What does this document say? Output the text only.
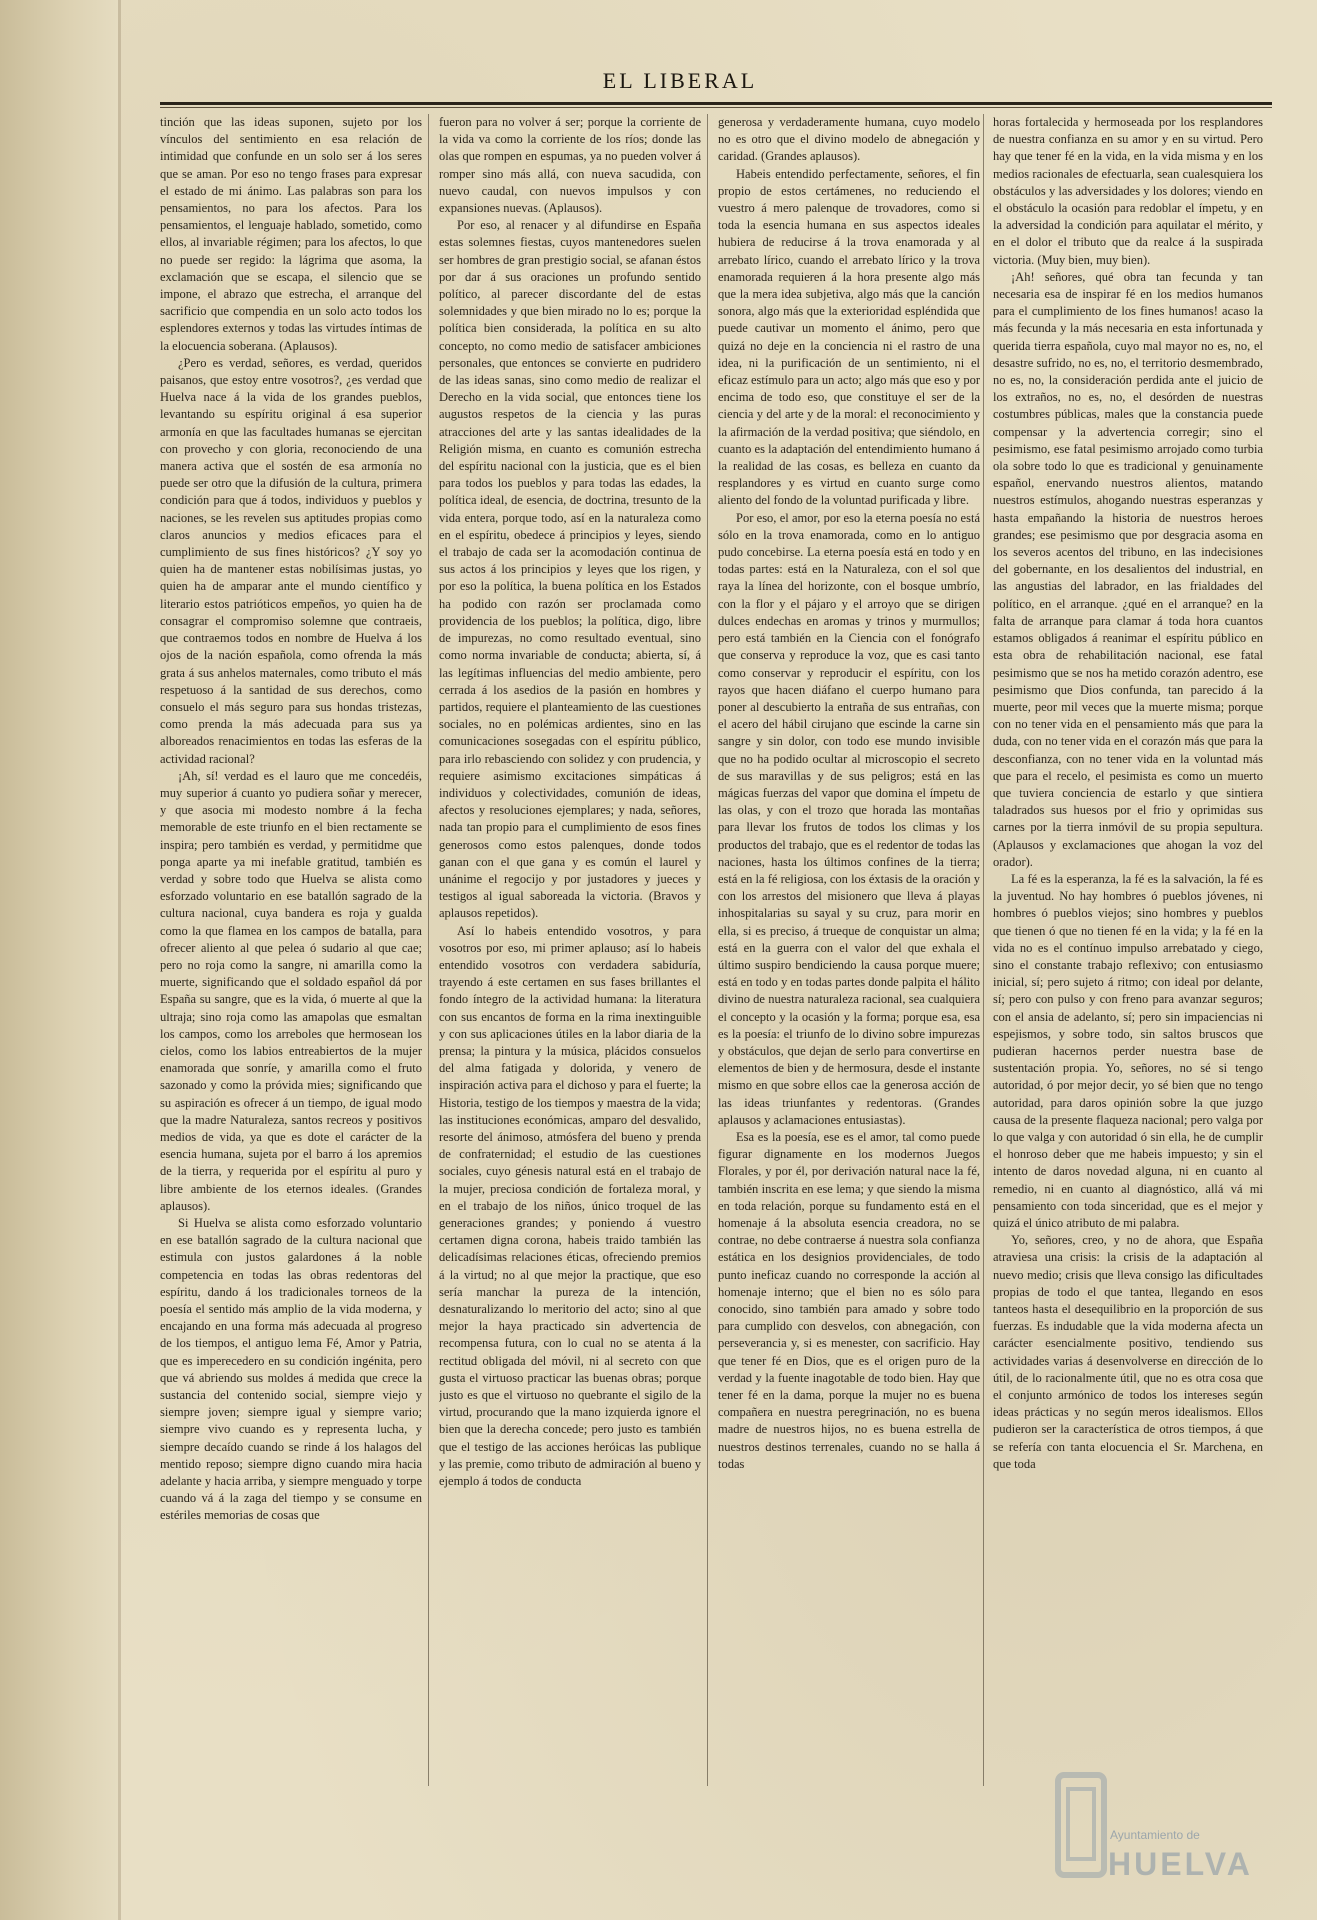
EL LIBERAL

tinción que las ideas suponen, sujeto por los vínculos del sentimiento en esa relación de intimidad que confunde en un solo ser á los seres que se aman. Por eso no tengo frases para expresar el estado de mi ánimo. Las palabras son para los pensamientos, no para los afectos. Para los pensamientos, el lenguaje hablado, sometido, como ellos, al invariable régimen; para los afectos, lo que no puede ser regido: la lágrima que asoma, la exclamación que se escapa, el silencio que se impone, el abrazo que estrecha, el arranque del sacrificio que compendia en un solo acto todos los esplendores externos y todas las virtudes íntimas de la elocuencia soberana. (Aplausos).

¿Pero es verdad, señores, es verdad, queridos paisanos, que estoy entre vosotros?, ¿es verdad que Huelva nace á la vida de los grandes pueblos, levantando su espíritu original á esa superior armonía en que las facultades humanas se ejercitan con provecho y con gloria, reconociendo de una manera activa que el sostén de esa armonía no puede ser otro que la difusión de la cultura, primera condición para que á todos, individuos y pueblos y naciones, se les revelen sus aptitudes propias como claros anuncios y medios eficaces para el cumplimiento de sus fines históricos? ¿Y soy yo quien ha de mantener estas nobilísimas justas, yo quien ha de amparar ante el mundo científico y literario estos patrióticos empeños, yo quien ha de consagrar el compromiso solemne que contraeis, que contraemos todos en nombre de Huelva á los ojos de la nación española, como ofrenda la más grata á sus anhelos maternales, como tributo el más respetuoso á la santidad de sus derechos, como consuelo el más seguro para sus hondas tristezas, como prenda la más adecuada para sus ya alboreados renacimientos en todas las esferas de la actividad racional?

¡Ah, sí! verdad es el lauro que me concedéis, muy superior á cuanto yo pudiera soñar y merecer, y que asocia mi modesto nombre á la fecha memorable de este triunfo en el bien rectamente se inspira; pero también es verdad, y permitidme que ponga aparte ya mi inefable gratitud, también es verdad y sobre todo que Huelva se alista como esforzado voluntario en ese batallón sagrado de la cultura nacional, cuya bandera es roja y gualda como la que flamea en los campos de batalla, para ofrecer aliento al que pelea ó sudario al que cae; pero no roja como la sangre, ni amarilla como la muerte, significando que el soldado español dá por España su sangre, que es la vida, ó muerte al que la ultraja; sino roja como las amapolas que esmaltan los campos, como los arreboles que hermosean los cielos, como los labios entreabiertos de la mujer enamorada que sonríe, y amarilla como el fruto sazonado y como la próvida mies; significando que su aspiración es ofrecer á un tiempo, de igual modo que la madre Naturaleza, santos recreos y positivos medios de vida, ya que es dote el carácter de la esencia humana, sujeta por el barro á los apremios de la tierra, y requerida por el espíritu al puro y libre ambiente de los eternos ideales. (Grandes aplausos).

Si Huelva se alista como esforzado voluntario en ese batallón sagrado de la cultura nacional que estimula con justos galardones á la noble competencia en todas las obras redentoras del espíritu, dando á los tradicionales torneos de la poesía el sentido más amplio de la vida moderna, y encajando en una forma más adecuada al progreso de los tiempos, el antiguo lema Fé, Amor y Patria, que es imperecedero en su condición ingénita, pero que vá abriendo sus moldes á medida que crece la sustancia del contenido social, siempre viejo y siempre joven; siempre igual y siempre vario; siempre vivo cuando es y representa lucha, y siempre decaído cuando se rinde á los halagos del mentido reposo; siempre digno cuando mira hacia adelante y hacia arriba, y siempre menguado y torpe cuando vá á la zaga del tiempo y se consume en estériles memorias de cosas que

fueron para no volver á ser; porque la corriente de la vida va como la corriente de los ríos; donde las olas que rompen en espumas, ya no pueden volver á romper sino más allá, con nueva sacudida, con nuevo caudal, con nuevos impulsos y con expansiones nuevas. (Aplausos).

Por eso, al renacer y al difundirse en España estas solemnes fiestas, cuyos mantenedores suelen ser hombres de gran prestigio social, se afanan éstos por dar á sus oraciones un profundo sentido político, al parecer discordante del de estas solemnidades y que bien mirado no lo es; porque la política bien considerada, la política en su alto concepto, no como medio de satisfacer ambiciones personales, que entonces se convierte en pudridero de las ideas sanas, sino como medio de realizar el Derecho en la vida social, que entonces tiene los augustos respetos de la ciencia y las puras atracciones del arte y las santas idealidades de la Religión misma, en cuanto es comunión estrecha del espíritu nacional con la justicia, que es el bien para todos los pueblos y para todas las edades, la política ideal, de esencia, de doctrina, tresunto de la vida entera, porque todo, así en la naturaleza como en el espíritu, obedece á principios y leyes, siendo el trabajo de cada ser la acomodación continua de sus actos á los principios y leyes que los rigen, y por eso la política, la buena política en los Estados ha podido con razón ser proclamada como providencia de los pueblos; la política, digo, libre de impurezas, no como resultado eventual, sino como norma invariable de conducta; abierta, sí, á las legítimas influencias del medio ambiente, pero cerrada á los asedios de la pasión en hombres y partidos, requiere el planteamiento de las cuestiones sociales, no en polémicas ardientes, sino en las comunicaciones sosegadas con el espíritu público, para irlo rebasciendo con solidez y con prudencia, y requiere asimismo excitaciones simpáticas á individuos y colectividades, comunión de ideas, afectos y resoluciones ejemplares; y nada, señores, nada tan propio para el cumplimiento de esos fines generosos como estos palenques, donde todos ganan con el que gana y es común el laurel y unánime el regocijo y por justadores y jueces y testigos al igual saboreada la victoria. (Bravos y aplausos repetidos).

Así lo habeis entendido vosotros, y para vosotros por eso, mi primer aplauso; así lo habeis entendido vosotros con verdadera sabiduría, trayendo á este certamen en sus fases brillantes el fondo íntegro de la actividad humana: la literatura con sus encantos de forma en la rima inextinguible y con sus aplicaciones útiles en la labor diaria de la prensa; la pintura y la música, plácidos consuelos del alma fatigada y dolorida, y venero de inspiración activa para el dichoso y para el fuerte; la Historia, testigo de los tiempos y maestra de la vida; las instituciones económicas, amparo del desvalido, resorte del ánimoso, atmósfera del bueno y prenda de confraternidad; el estudio de las cuestiones sociales, cuyo génesis natural está en el trabajo de la mujer, preciosa condición de fortaleza moral, y en el trabajo de los niños, único troquel de las generaciones grandes; y poniendo á vuestro certamen digna corona, habeis traido también las delicadísimas relaciones éticas, ofreciendo premios á la virtud; no al que mejor la practique, que eso sería manchar la pureza de la intención, desnaturalizando lo meritorio del acto; sino al que mejor la haya practicado sin advertencia de recompensa futura, con lo cual no se atenta á la rectitud obligada del móvil, ni al secreto con que gusta el virtuoso practicar las buenas obras; porque justo es que el virtuoso no quebrante el sigilo de la virtud, procurando que la mano izquierda ignore el bien que la derecha concede; pero justo es también que el testigo de las acciones heróicas las publique y las premie, como tributo de admiración al bueno y ejemplo á todos de conducta

generosa y verdaderamente humana, cuyo modelo no es otro que el divino modelo de abnegación y caridad. (Grandes aplausos).

Habeis entendido perfectamente, señores, el fin propio de estos certámenes, no reduciendo el vuestro á mero palenque de trovadores, como si toda la esencia humana en sus aspectos ideales hubiera de reducirse á la trova enamorada y al arrebato lírico, cuando el arrebato lírico y la trova enamorada requieren á la hora presente algo más que la mera idea subjetiva, algo más que la canción sonora, algo más que la exterioridad espléndida que puede cautivar un momento el ánimo, pero que quizá no deje en la conciencia ni el rastro de una idea, ni la purificación de un sentimiento, ni el eficaz estímulo para un acto; algo más que eso y por encima de todo eso, que constituye el ser de la ciencia y del arte y de la moral: el reconocimiento y la afirmación de la verdad positiva; que siéndolo, en cuanto es la adaptación del entendimiento humano á la realidad de las cosas, es belleza en cuanto da resplandores y es virtud en cuanto surge como aliento del fondo de la voluntad purificada y libre.

Por eso, el amor, por eso la eterna poesía no está sólo en la trova enamorada, como en lo antiguo pudo concebirse. La eterna poesía está en todo y en todas partes: está en la Naturaleza, con el sol que raya la línea del horizonte, con el bosque umbrío, con la flor y el pájaro y el arroyo que se dirigen dulces endechas en aromas y trinos y murmullos; pero está también en la Ciencia con el fonógrafo que conserva y reproduce la voz, que es casi tanto como conservar y reproducir el espíritu, con los rayos que hacen diáfano el cuerpo humano para poner al descubierto la entraña de sus entrañas, con el acero del hábil cirujano que escinde la carne sin sangre y sin dolor, con todo ese mundo invisible que no ha podido ocultar al microscopio el secreto de sus maravillas y de sus peligros; está en las mágicas fuerzas del vapor que domina el ímpetu de las olas, y con el trozo que horada las montañas para llevar los frutos de todos los climas y los productos del trabajo, que es el redentor de todas las naciones, hasta los últimos confines de la tierra; está en la fé religiosa, con los éxtasis de la oración y con los arrestos del misionero que lleva á playas inhospitalarias su sayal y su cruz, para morir en ella, si es preciso, á trueque de conquistar un alma; está en la guerra con el valor del que exhala el último suspiro bendiciendo la causa porque muere; está en todo y en todas partes donde palpita el hálito divino de nuestra naturaleza racional, sea cualquiera el concepto y la ocasión y la forma; porque esa, esa es la poesía: el triunfo de lo divino sobre impurezas y obstáculos, que dejan de serlo para convertirse en elementos de bien y de hermosura, desde el instante mismo en que sobre ellos cae la generosa acción de las ideas triunfantes y redentoras. (Grandes aplausos y aclamaciones entusiastas).

Esa es la poesía, ese es el amor, tal como puede figurar dignamente en los modernos Juegos Florales, y por él, por derivación natural nace la fé, también inscrita en ese lema; y que siendo la misma en toda relación, porque su fundamento está en el homenaje á la absoluta esencia creadora, no se contrae, no debe contraerse á nuestra sola confianza estática en los designios providenciales, de todo punto ineficaz cuando no corresponde la acción al homenaje interno; que el bien no es sólo para conocido, sino también para amado y sobre todo para cumplido con desvelos, con abnegación, con perseverancia y, si es menester, con sacrificio. Hay que tener fé en Dios, que es el origen puro de la verdad y la fuente inagotable de todo bien. Hay que tener fé en la dama, porque la mujer no es buena compañera en nuestra peregrinación, no es buena madre de nuestros hijos, no es buena estrella de nuestros destinos terrenales, cuando no se halla á todas

horas fortalecida y hermoseada por los resplandores de nuestra confianza en su amor y en su virtud. Pero hay que tener fé en la vida, en la vida misma y en los medios racionales de efectuarla, sean cualesquiera los obstáculos y las adversidades y los dolores; viendo en el obstáculo la ocasión para redoblar el ímpetu, y en la adversidad la condición para aquilatar el mérito, y en el dolor el tributo que da realce á la suspirada victoria. (Muy bien, muy bien).

¡Ah! señores, qué obra tan fecunda y tan necesaria esa de inspirar fé en los medios humanos para el cumplimiento de los fines humanos! acaso la más fecunda y la más necesaria en esta infortunada y querida tierra española, cuyo mal mayor no es, no, el desastre sufrido, no es, no, el territorio desmembrado, no es, no, la consideración perdida ante el juicio de los extraños, no es, no, el desórden de nuestras costumbres públicas, males que la constancia puede compensar y la advertencia corregir; sino el pesimismo, ese fatal pesimismo arrojado como turbia ola sobre todo lo que es tradicional y genuinamente español, enervando nuestros alientos, matando nuestros estímulos, ahogando nuestras esperanzas y hasta empañando la historia de nuestros heroes grandes; ese pesimismo que por desgracia asoma en los severos acentos del tribuno, en las indecisiones del gobernante, en los desalientos del industrial, en las angustias del labrador, en las frialdades del político, en el arranque. ¿qué en el arranque? en la falta de arranque para clamar á toda hora cuantos estamos obligados á reanimar el espíritu público en esta obra de rehabilitación nacional, ese fatal pesimismo que se nos ha metido corazón adentro, ese pesimismo que Dios confunda, tan parecido á la muerte, peor mil veces que la muerte misma; porque con no tener vida en el pensamiento más que para la duda, con no tener vida en el corazón más que para la desconfianza, con no tener vida en la voluntad más que para el recelo, el pesimista es como un muerto que tuviera conciencia de estarlo y que sintiera taladrados sus huesos por el frio y oprimidas sus carnes por la tierra inmóvil de su propia sepultura. (Aplausos y exclamaciones que ahogan la voz del orador).

La fé es la esperanza, la fé es la salvación, la fé es la juventud. No hay hombres ó pueblos jóvenes, ni hombres ó pueblos viejos; sino hombres y pueblos que tienen ó que no tienen fé en la vida; y la fé en la vida no es el contínuo impulso arrebatado y ciego, sino el constante trabajo reflexivo; con entusiasmo inicial, sí; pero sujeto á ritmo; con ideal por delante, sí; pero con pulso y con freno para avanzar seguros; con el ansia de adelanto, sí; pero sin impaciencias ni espejismos, y sobre todo, sin saltos bruscos que pudieran hacernos perder nuestra base de sustentación propia. Yo, señores, no sé si tengo autoridad, ó por mejor decir, yo sé bien que no tengo autoridad, para daros opinión sobre la que juzgo causa de la presente flaqueza nacional; pero valga por lo que valga y con autoridad ó sin ella, he de cumplir el honroso deber que me habeis impuesto; y sin el intento de daros novedad alguna, ni en cuanto al remedio, ni en cuanto al diagnóstico, allá vá mi pensamiento con toda sinceridad, que es el mejor y quizá el único atributo de mi palabra.

Yo, señores, creo, y no de ahora, que España atraviesa una crisis: la crisis de la adaptación al nuevo medio; crisis que lleva consigo las dificultades propias de todo el que tantea, llegando en esos tanteos hasta el desequilibrio en la proporción de sus fuerzas. Es indudable que la vida moderna afecta un carácter esencialmente positivo, tendiendo sus actividades varias á desenvolverse en dirección de lo útil, de lo racionalmente útil, que no es otra cosa que el conjunto armónico de todos los intereses según ideas prácticas y no según meros idealismos. Ellos pudieron ser la característica de otros tiempos, á que se refería con tanta elocuencia el Sr. Marchena, en que toda

Ayuntamiento de
HUELVA
